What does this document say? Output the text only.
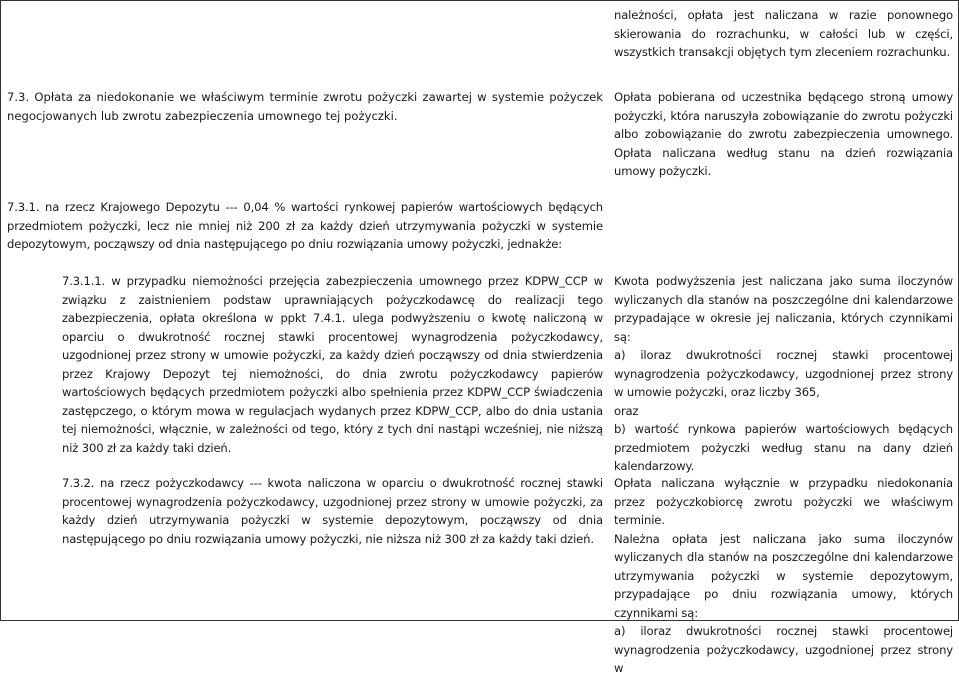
należności, opłata jest naliczana w razie ponownego skierowania do rozrachunku, w całości lub w części, wszystkich transakcji objętych tym zleceniem rozrachunku.

7.3. Opłata za niedokonanie we właściwym terminie zwrotu pożyczki zawartej w systemie pożyczek negocjowanych lub zwrotu zabezpieczenia umownego tej pożyczki.

Opłata pobierana od uczestnika będącego stroną umowy pożyczki, która naruszyła zobowiązanie do zwrotu pożyczki albo zobowiązanie do zwrotu zabezpieczenia umownego. Opłata naliczana według stanu na dzień rozwiązania umowy pożyczki.

7.3.1. na rzecz Krajowego Depozytu --- 0,04 % wartości rynkowej papierów wartościowych będących przedmiotem pożyczki, lecz nie mniej niż 200 zł za każdy dzień utrzymywania pożyczki w systemie depozytowym, począwszy od dnia następującego po dniu rozwiązania umowy pożyczki, jednakże:

7.3.1.1. w przypadku niemożności przejęcia zabezpieczenia umownego przez KDPW_CCP w związku z zaistnieniem podstaw uprawniających pożyczkodawcę do realizacji tego zabezpieczenia, opłata określona w ppkt 7.4.1. ulega podwyższeniu o kwotę naliczoną w oparciu o dwukrotność rocznej stawki procentowej wynagrodzenia pożyczkodawcy, uzgodnionej przez strony w umowie pożyczki, za każdy dzień począwszy od dnia stwierdzenia przez Krajowy Depozyt tej niemożności, do dnia zwrotu pożyczkodawcy papierów wartościowych będących przedmiotem pożyczki albo spełnienia przez KDPW_CCP świadczenia zastępczego, o którym mowa w regulacjach wydanych przez KDPW_CCP, albo do dnia ustania tej niemożności, włącznie, w zależności od tego, który z tych dni nastąpi wcześniej, nie niższą niż 300 zł za każdy taki dzień.

Kwota podwyższenia jest naliczana jako suma iloczynów wyliczanych dla stanów na poszczególne dni kalendarzowe przypadające w okresie jej naliczania, których czynnikami są:

a) iloraz dwukrotności rocznej stawki procentowej wynagrodzenia pożyczkodawcy, uzgodnionej przez strony w umowie pożyczki, oraz liczby 365,

oraz

b) wartość rynkowa papierów wartościowych będących przedmiotem pożyczki według stanu na dany dzień kalendarzowy.

7.3.2. na rzecz pożyczkodawcy --- kwota naliczona w oparciu o dwukrotność rocznej stawki procentowej wynagrodzenia pożyczkodawcy, uzgodnionej przez strony w umowie pożyczki, za każdy dzień utrzymywania pożyczki w systemie depozytowym, począwszy od dnia następującego po dniu rozwiązania umowy pożyczki, nie niższa niż 300 zł za każdy taki dzień.

Opłata naliczana wyłącznie w przypadku niedokonania przez pożyczkobiorcę zwrotu pożyczki we właściwym terminie.

Należna opłata jest naliczana jako suma iloczynów wyliczanych dla stanów na poszczególne dni kalendarzowe utrzymywania pożyczki w systemie depozytowym, przypadające po dniu rozwiązania umowy, których czynnikami są:

a) iloraz dwukrotności rocznej stawki procentowej wynagrodzenia pożyczkodawcy, uzgodnionej przez strony w
